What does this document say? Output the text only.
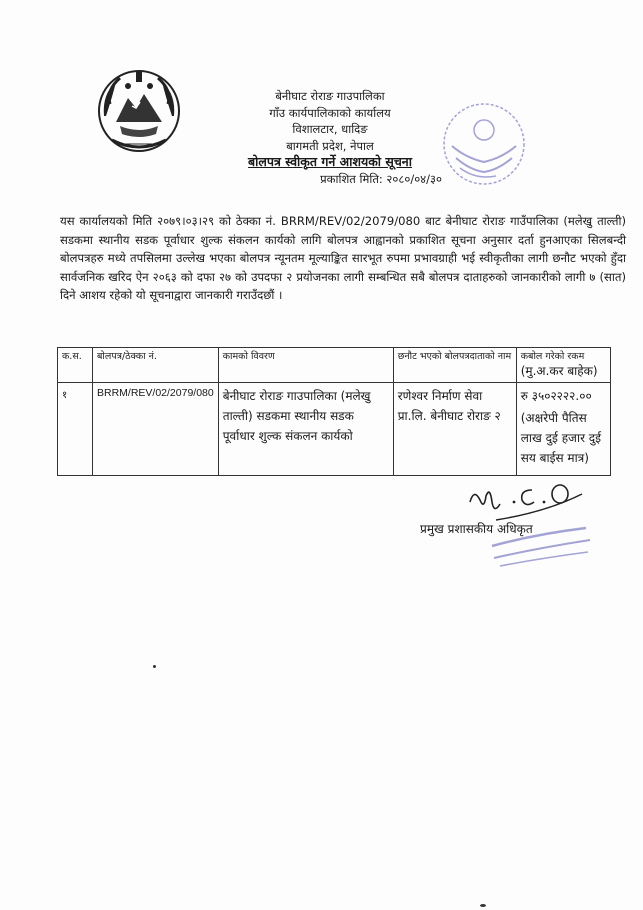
बेनीघाट रोराङ गाउपालिका
गाँउ कार्यपालिकाको कार्यालय
विशालटार, धादिङ
बागमती प्रदेश, नेपाल
बोलपत्र स्वीकृत गर्ने आशयको सूचना
प्रकाशित मिति: २०८०/०४/३०
यस कार्यालयको मिति २०७९।०३।२९ को ठेक्का नं. BRRM/REV/02/2079/080 बाट बेनीघाट रोराङ गाउँपालिका (मलेखु ताल्ती) सडकमा स्थानीय सडक पूर्वाधार शुल्क संकलन कार्यको लागि बोलपत्र आह्वानको प्रकाशित सूचना अनुसार दर्ता हुनआएका सिलबन्दी बोलपत्रहरु मध्ये तपसिलमा उल्लेख भएका बोलपत्र न्यूनतम मूल्याङ्कित सारभूत रुपमा प्रभावग्राही भई स्वीकृतीका लागी छनौट भएको हुँदा सार्वजनिक खरिद ऐन २०६३ को दफा २७ को उपदफा २ प्रयोजनका लागी सम्बन्धित सबै बोलपत्र दाताहरुको जानकारीको लागी ७ (सात) दिने आशय रहेको यो सूचनाद्वारा जानकारी गराउँदछौं ।
क.स.	बोलपत्र/ठेक्का नं.	कामको विवरण	छनौट भएको बोलपत्रदाताको नाम	कबोल गरेको रकम
(मु.अ.कर बाहेक)

१	BRRM/REV/02/2079/080	बेनीघाट रोराङ गाउपालिका (मलेखु ताल्ती) सडकमा स्थानीय सडक पूर्वाधार शुल्क संकलन कार्यको	रणेश्वर निर्माण सेवा प्रा.लि. बेनीघाट रोराङ २	रु ३५०२२२२.००
(अक्षरेपी पैतिस लाख दुई हजार दुई सय बाईस मात्र)
प्रमुख प्रशासकीय अधिकृत
